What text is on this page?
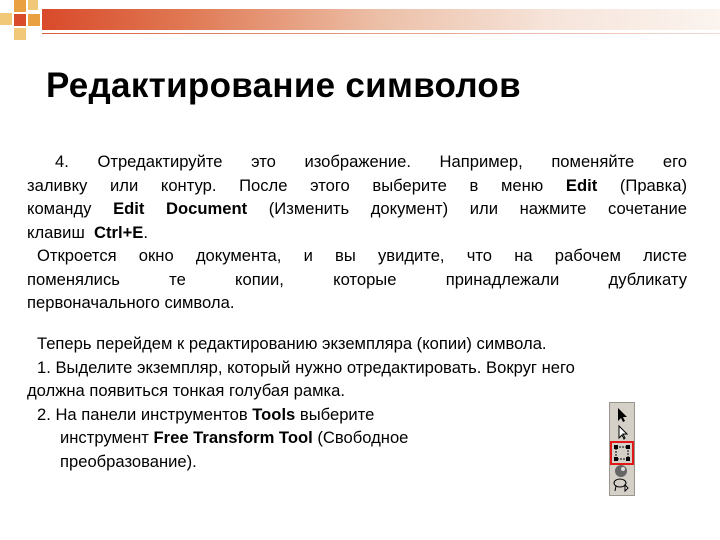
Редактирование символов
4. Отредактируйте это изображение. Например, поменяйте его
заливку или контур. После этого выберите в меню Edit (Правка)
команду Edit Document (Изменить документ) или нажмите сочетание
клавиш Ctrl+E.
Откроется окно документа, и вы увидите, что на рабочем листе
поменялись те копии, которые принадлежали дубликату
первоначального символа.
Теперь перейдем к редактированию экземпляра (копии) символа.
1. Выделите экземпляр, который нужно отредактировать. Вокруг него
должна появиться тонкая голубая рамка.
2. На панели инструментов Tools выберите
инструмент Free Transform Tool (Свободное
преобразование).
